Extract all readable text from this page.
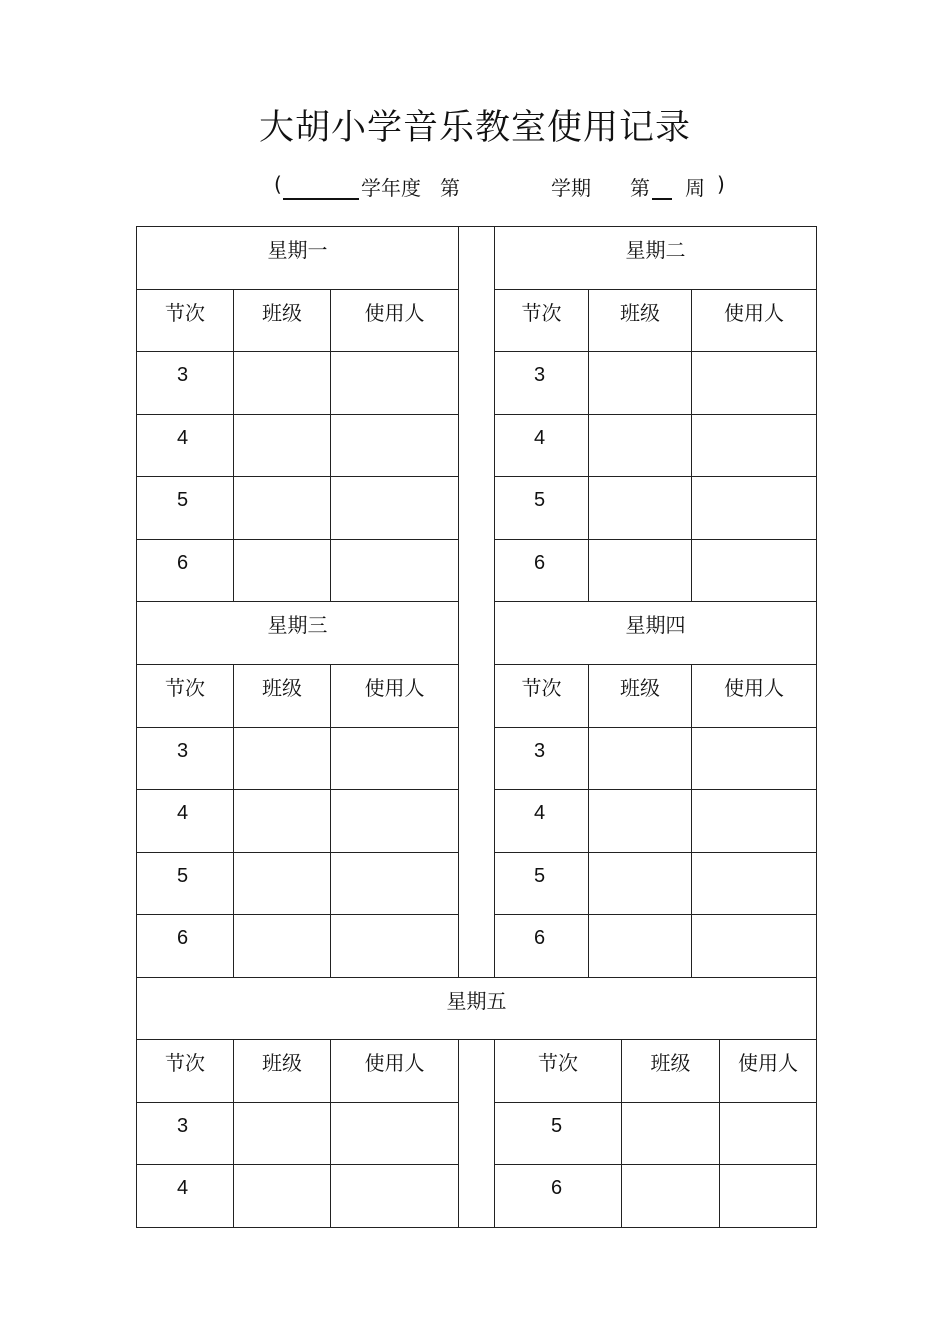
大胡小学音乐教室使用记录
(	学年度 第	学期 第 周 )
星期一				星期二				

节次	班级	使用人		节次	班级		使用人	

3				3				

4				4				

5				5				

6				6				

星期三				星期四				

节次	班级	使用人		节次	班级		使用人	

3				3				

4				4				

5				5				

6				6				

星期五								

节次	班级	使用人		节次		班级		使用人

3				5				

4				6				
